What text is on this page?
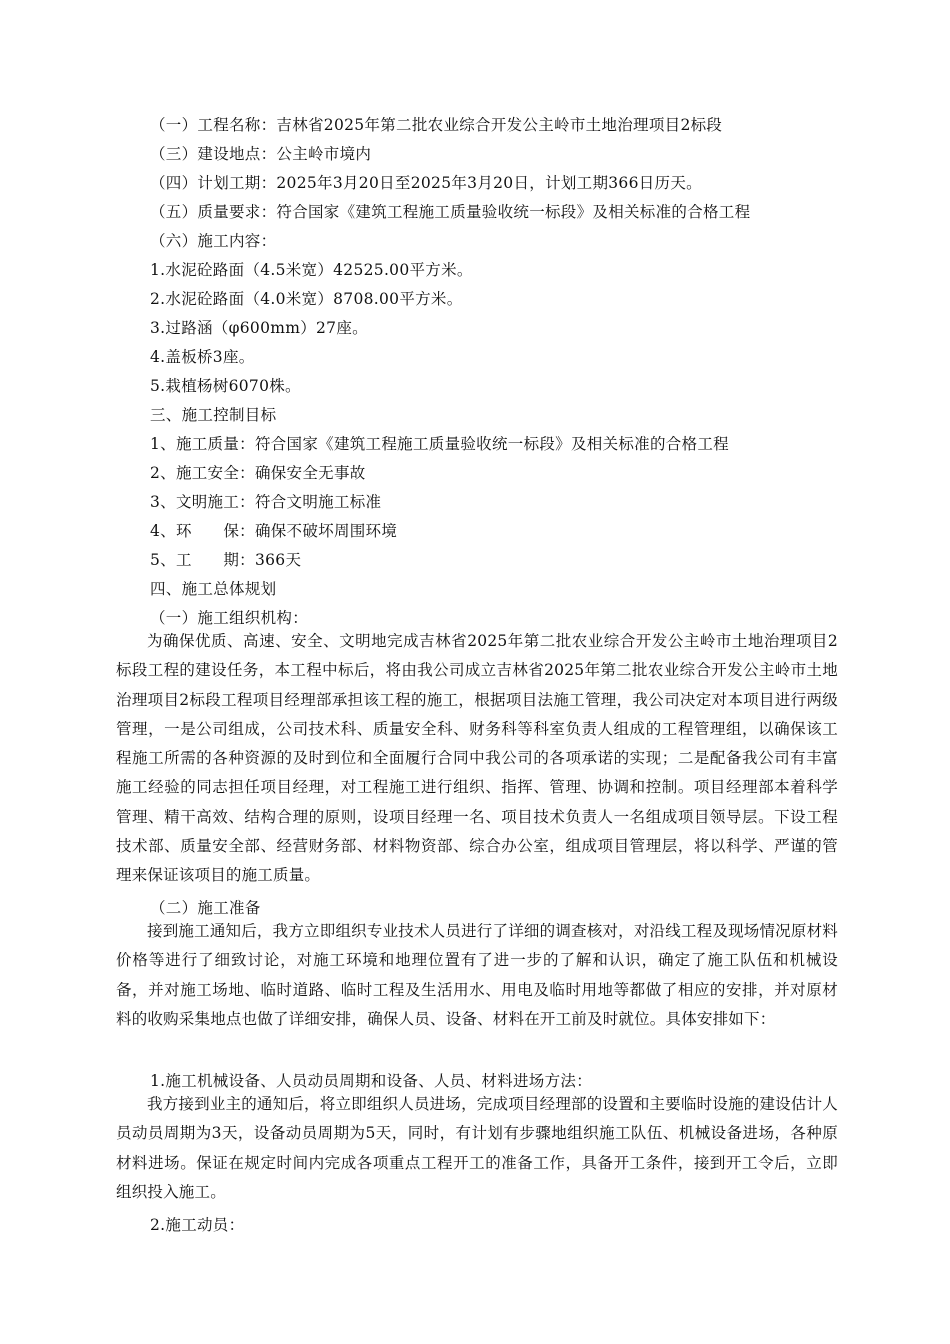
（一）工程名称：吉林省2025年第二批农业综合开发公主岭市土地治理项目2标段
（三）建设地点：公主岭市境内
（四）计划工期：2025年3月20日至2025年3月20日，计划工期366日历天。
（五）质量要求：符合国家《建筑工程施工质量验收统一标段》及相关标准的合格工程
（六）施工内容：
1.水泥砼路面（4.5米宽）42525.00平方米。
2.水泥砼路面（4.0米宽）8708.00平方米。
3.过路涵（φ600mm）27座。
4.盖板桥3座。
5.栽植杨树6070株。
三、施工控制目标
1、施工质量：符合国家《建筑工程施工质量验收统一标段》及相关标准的合格工程
2、施工安全：确保安全无事故
3、文明施工：符合文明施工标准
4、环　　保：确保不破坏周围环境
5、工　　期：366天
四、施工总体规划
（一）施工组织机构：
为确保优质、高速、安全、文明地完成吉林省2025年第二批农业综合开发公主岭市土地治理项目2标段工程的建设任务，本工程中标后，将由我公司成立吉林省2025年第二批农业综合开发公主岭市土地治理项目2标段工程项目经理部承担该工程的施工，根据项目法施工管理，我公司决定对本项目进行两级管理，一是公司组成，公司技术科、质量安全科、财务科等科室负责人组成的工程管理组，以确保该工程施工所需的各种资源的及时到位和全面履行合同中我公司的各项承诺的实现；二是配备我公司有丰富施工经验的同志担任项目经理，对工程施工进行组织、指挥、管理、协调和控制。项目经理部本着科学管理、精干高效、结构合理的原则，设项目经理一名、项目技术负责人一名组成项目领导层。下设工程技术部、质量安全部、经营财务部、材料物资部、综合办公室，组成项目管理层，将以科学、严谨的管理来保证该项目的施工质量。
（二）施工准备
接到施工通知后，我方立即组织专业技术人员进行了详细的调查核对，对沿线工程及现场情况原材料价格等进行了细致讨论，对施工环境和地理位置有了进一步的了解和认识，确定了施工队伍和机械设备，并对施工场地、临时道路、临时工程及生活用水、用电及临时用地等都做了相应的安排，并对原材料的收购采集地点也做了详细安排，确保人员、设备、材料在开工前及时就位。具体安排如下：
1.施工机械设备、人员动员周期和设备、人员、材料进场方法：
我方接到业主的通知后，将立即组织人员进场，完成项目经理部的设置和主要临时设施的建设估计人员动员周期为3天，设备动员周期为5天，同时，有计划有步骤地组织施工队伍、机械设备进场，各种原材料进场。保证在规定时间内完成各项重点工程开工的准备工作，具备开工条件，接到开工令后，立即组织投入施工。
2.施工动员：
